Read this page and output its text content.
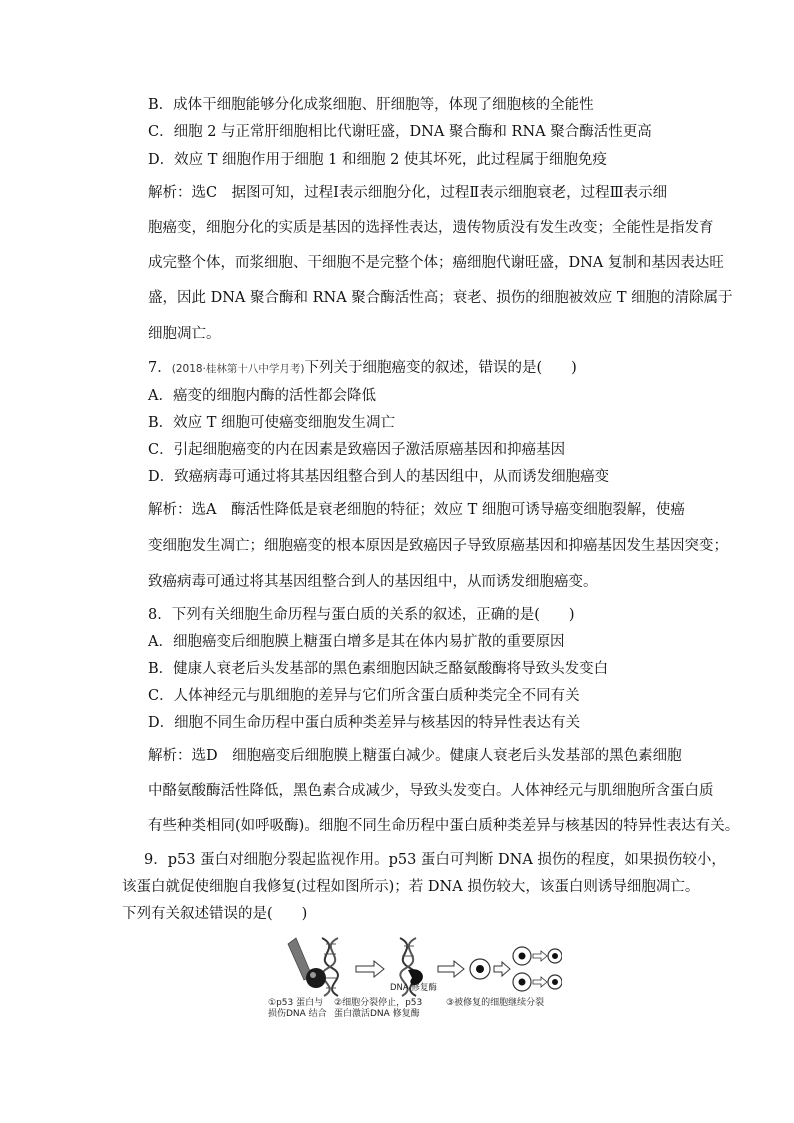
B．成体干细胞能够分化成浆细胞、肝细胞等，体现了细胞核的全能性
C．细胞 2 与正常肝细胞相比代谢旺盛，DNA 聚合酶和 RNA 聚合酶活性更高
D．效应 T 细胞作用于细胞 1 和细胞 2 使其坏死，此过程属于细胞免疫
解析：选C　据图可知，过程Ⅰ表示细胞分化，过程Ⅱ表示细胞衰老，过程Ⅲ表示细
胞癌变，细胞分化的实质是基因的选择性表达，遗传物质没有发生改变；全能性是指发育
成完整个体，而浆细胞、干细胞不是完整个体；癌细胞代谢旺盛，DNA 复制和基因表达旺
盛，因此 DNA 聚合酶和 RNA 聚合酶活性高；衰老、损伤的细胞被效应 T 细胞的清除属于
细胞凋亡。
7．(2018·桂林第十八中学月考)下列关于细胞癌变的叙述，错误的是(　　)
A．癌变的细胞内酶的活性都会降低
B．效应 T 细胞可使癌变细胞发生凋亡
C．引起细胞癌变的内在因素是致癌因子激活原癌基因和抑癌基因
D．致癌病毒可通过将其基因组整合到人的基因组中，从而诱发细胞癌变
解析：选A　酶活性降低是衰老细胞的特征；效应 T 细胞可诱导癌变细胞裂解，使癌
变细胞发生凋亡；细胞癌变的根本原因是致癌因子导致原癌基因和抑癌基因发生基因突变；
致癌病毒可通过将其基因组整合到人的基因组中，从而诱发细胞癌变。
8．下列有关细胞生命历程与蛋白质的关系的叙述，正确的是(　　)
A．细胞癌变后细胞膜上糖蛋白增多是其在体内易扩散的重要原因
B．健康人衰老后头发基部的黑色素细胞因缺乏酪氨酸酶将导致头发变白
C．人体神经元与肌细胞的差异与它们所含蛋白质种类完全不同有关
D．细胞不同生命历程中蛋白质种类差异与核基因的特异性表达有关
解析：选D　细胞癌变后细胞膜上糖蛋白减少。健康人衰老后头发基部的黑色素细胞
中酪氨酸酶活性降低，黑色素合成减少，导致头发变白。人体神经元与肌细胞所含蛋白质
有些种类相同(如呼吸酶)。细胞不同生命历程中蛋白质种类差异与核基因的特异性表达有关。
9．p53 蛋白对细胞分裂起监视作用。p53 蛋白可判断 DNA 损伤的程度，如果损伤较小，
该蛋白就促使细胞自我修复(过程如图所示)；若 DNA 损伤较大，该蛋白则诱导细胞凋亡。
下列有关叙述错误的是(　　)
DNA 修复酶
①p53 蛋白与
损伤DNA 结合
②细胞分裂停止，p53
蛋白激活DNA 修复酶
③被修复的细胞继续分裂
